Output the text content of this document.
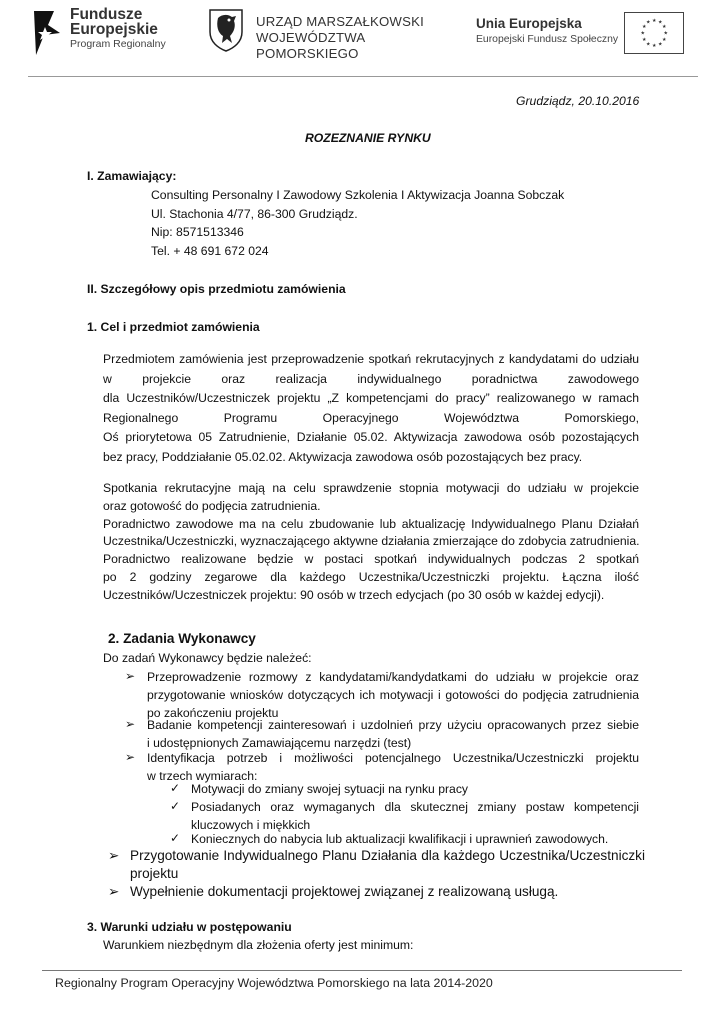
Fundusze
Europejskie
Program Regionalny
URZĄD MARSZAŁKOWSKI
WOJEWÓDZTWA POMORSKIEGO
Unia Europejska
Europejski Fundusz Społeczny
★ ★
★
★
★
★
★
★
★
★
★
★
Grudziądz, 20.10.2016
ROZEZNANIE RYNKU
I. Zamawiający:
Consulting Personalny I Zawodowy Szkolenia I Aktywizacja Joanna Sobczak
Ul. Stachonia 4/77, 86-300 Grudziądz.
Nip: 8571513346
Tel. + 48 691 672 024
II. Szczegółowy opis przedmiotu zamówienia
1. Cel i przedmiot zamówienia
Przedmiotem zamówienia jest przeprowadzenie spotkań rekrutacyjnych z kandydatami do udziału
w projekcie oraz realizacja indywidualnego poradnictwa zawodowego
dla Uczestników/Uczestniczek projektu „Z kompetencjami do pracy” realizowanego w ramach
Regionalnego Programu Operacyjnego Województwa Pomorskiego,
Oś priorytetowa 05 Zatrudnienie, Działanie 05.02. Aktywizacja zawodowa osób pozostających
bez pracy, Poddziałanie 05.02.02. Aktywizacja zawodowa osób pozostających bez pracy.
Spotkania rekrutacyjne mają na celu sprawdzenie stopnia motywacji do udziału w projekcie
oraz gotowość do podjęcia zatrudnienia.
Poradnictwo zawodowe ma na celu zbudowanie lub aktualizację Indywidualnego Planu Działań
Uczestnika/Uczestniczki, wyznaczającego aktywne działania zmierzające do zdobycia zatrudnienia.
Poradnictwo realizowane będzie w postaci spotkań indywidualnych podczas 2 spotkań
po 2 godziny zegarowe dla każdego Uczestnika/Uczestniczki projektu. Łączna ilość
Uczestników/Uczestniczek projektu: 90 osób w trzech edycjach (po 30 osób w każdej edycji).
2. Zadania Wykonawcy
Do zadań Wykonawcy będzie należeć:
➢ Przeprowadzenie rozmowy z kandydatami/kandydatkami do udziału w projekcie oraz
przygotowanie wniosków dotyczących ich motywacji i gotowości do podjęcia zatrudnienia
po zakończeniu projektu
➢ Badanie kompetencji zainteresowań i uzdolnień przy użyciu opracowanych przez siebie
i udostępnionych Zamawiającemu narzędzi (test)
➢ Identyfikacja potrzeb i możliwości potencjalnego Uczestnika/Uczestniczki projektu
w trzech wymiarach:
✓ Motywacji do zmiany swojej sytuacji na rynku pracy
✓ Posiadanych oraz wymaganych dla skutecznej zmiany postaw kompetencji
kluczowych i miękkich
✓ Koniecznych do nabycia lub aktualizacji kwalifikacji i uprawnień zawodowych.
➢ Przygotowanie Indywidualnego Planu Działania dla każdego Uczestnika/Uczestniczki
projektu
➢ Wypełnienie dokumentacji projektowej związanej z realizowaną usługą.
3. Warunki udziału w postępowaniu
Warunkiem niezbędnym dla złożenia oferty jest minimum:
Regionalny Program Operacyjny Województwa Pomorskiego na lata 2014-2020
